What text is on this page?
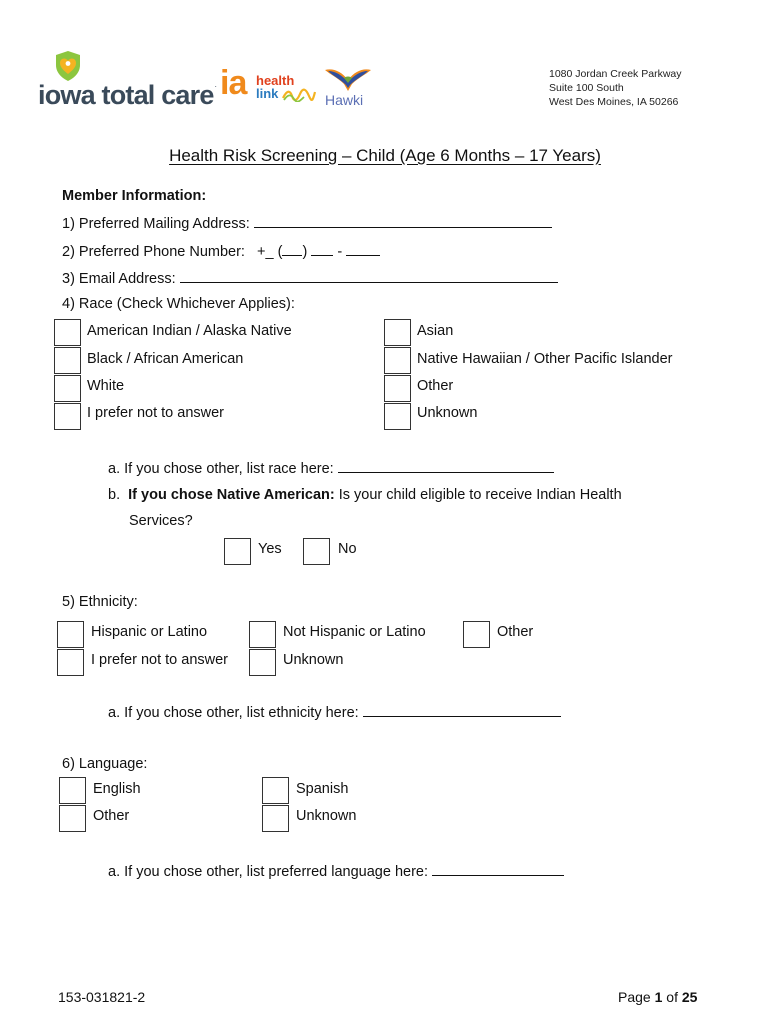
iowa total care. ia health
link	Hawki
1080 Jordan Creek Parkway
Suite 100 South
West Des Moines, IA 50266
Health Risk Screening – Child (Age 6 Months – 17 Years)
Member Information:
1) Preferred Mailing Address:
2) Preferred Phone Number: +_ ( ) -
3) Email Address:
4) Race (Check Whichever Applies):
American Indian / Alaska Native
Black / African American
White
I prefer not to answer
Asian
Native Hawaiian / Other Pacific Islander
Other
Unknown
a. If you chose other, list race here:
b. If you chose Native American: Is your child eligible to receive Indian Health
Services?
Yes	No
5) Ethnicity:
Hispanic or Latino
I prefer not to answer
Not Hispanic or Latino
Unknown
Other
a. If you chose other, list ethnicity here:
6) Language:
English
Other
Spanish
Unknown
a. If you chose other, list preferred language here:
153-031821-2	Page 1 of 25
